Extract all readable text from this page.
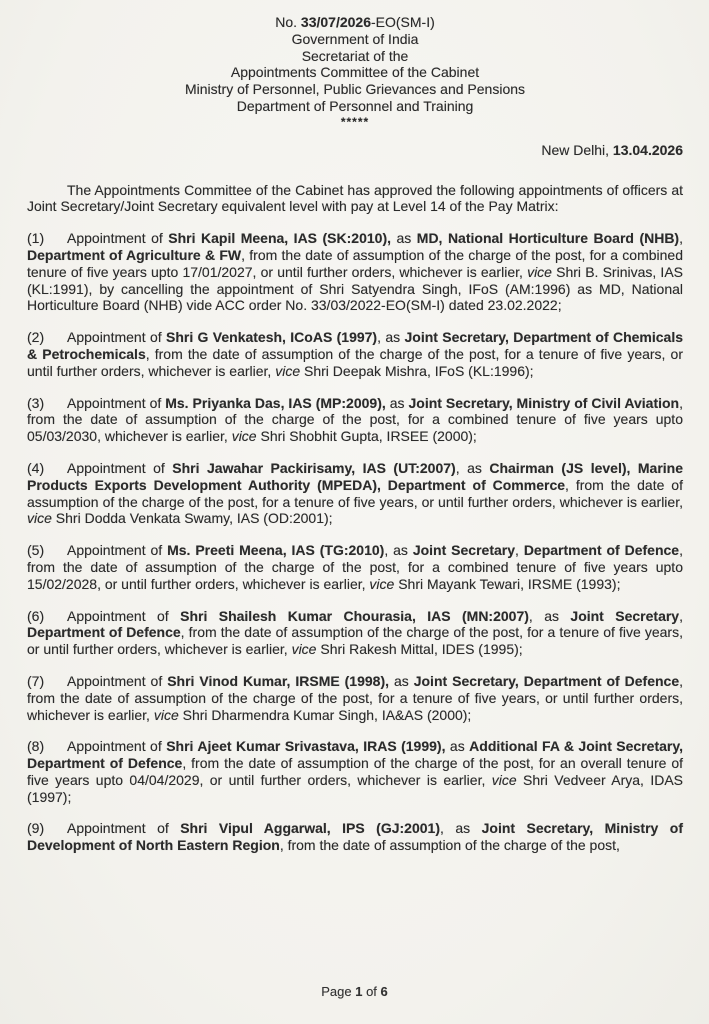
No. 33/07/2026-EO(SM-I)
Government of India
Secretariat of the
Appointments Committee of the Cabinet
Ministry of Personnel, Public Grievances and Pensions
Department of Personnel and Training
*****
New Delhi, 13.04.2026

The Appointments Committee of the Cabinet has approved the following appointments of officers at Joint Secretary/Joint Secretary equivalent level with pay at Level 14 of the Pay Matrix:

(1) Appointment of Shri Kapil Meena, IAS (SK:2010), as MD, National Horticulture Board (NHB), Department of Agriculture & FW, from the date of assumption of the charge of the post, for a combined tenure of five years upto 17/01/2027, or until further orders, whichever is earlier, vice Shri B. Srinivas, IAS (KL:1991), by cancelling the appointment of Shri Satyendra Singh, IFoS (AM:1996) as MD, National Horticulture Board (NHB) vide ACC order No. 33/03/2022-EO(SM-I) dated 23.02.2022;

(2) Appointment of Shri G Venkatesh, ICoAS (1997), as Joint Secretary, Department of Chemicals & Petrochemicals, from the date of assumption of the charge of the post, for a tenure of five years, or until further orders, whichever is earlier, vice Shri Deepak Mishra, IFoS (KL:1996);

(3) Appointment of Ms. Priyanka Das, IAS (MP:2009), as Joint Secretary, Ministry of Civil Aviation, from the date of assumption of the charge of the post, for a combined tenure of five years upto 05/03/2030, whichever is earlier, vice Shri Shobhit Gupta, IRSEE (2000);

(4) Appointment of Shri Jawahar Packirisamy, IAS (UT:2007), as Chairman (JS level), Marine Products Exports Development Authority (MPEDA), Department of Commerce, from the date of assumption of the charge of the post, for a tenure of five years, or until further orders, whichever is earlier, vice Shri Dodda Venkata Swamy, IAS (OD:2001);

(5) Appointment of Ms. Preeti Meena, IAS (TG:2010), as Joint Secretary, Department of Defence, from the date of assumption of the charge of the post, for a combined tenure of five years upto 15/02/2028, or until further orders, whichever is earlier, vice Shri Mayank Tewari, IRSME (1993);

(6) Appointment of Shri Shailesh Kumar Chourasia, IAS (MN:2007), as Joint Secretary, Department of Defence, from the date of assumption of the charge of the post, for a tenure of five years, or until further orders, whichever is earlier, vice Shri Rakesh Mittal, IDES (1995);

(7) Appointment of Shri Vinod Kumar, IRSME (1998), as Joint Secretary, Department of Defence, from the date of assumption of the charge of the post, for a tenure of five years, or until further orders, whichever is earlier, vice Shri Dharmendra Kumar Singh, IA&AS (2000);

(8) Appointment of Shri Ajeet Kumar Srivastava, IRAS (1999), as Additional FA & Joint Secretary, Department of Defence, from the date of assumption of the charge of the post, for an overall tenure of five years upto 04/04/2029, or until further orders, whichever is earlier, vice Shri Vedveer Arya, IDAS (1997);

(9) Appointment of Shri Vipul Aggarwal, IPS (GJ:2001), as Joint Secretary, Ministry of Development of North Eastern Region, from the date of assumption of the charge of the post,

Page 1 of 6
